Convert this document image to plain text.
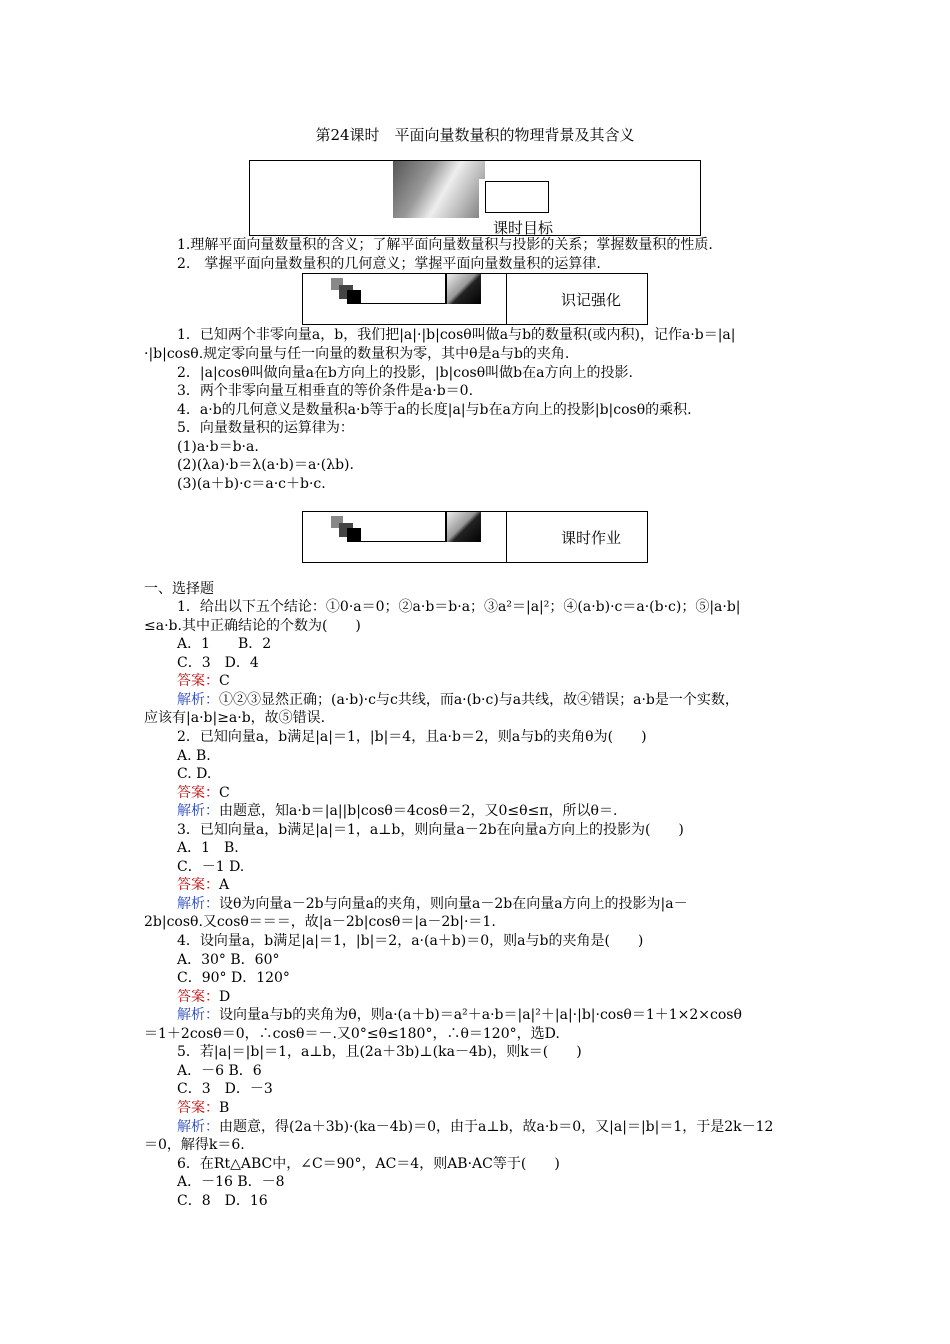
第24课时　平面向量数量积的物理背景及其含义
课时目标
1.理解平面向量数量积的含义；了解平面向量数量积与投影的关系；掌握数量积的性质.
2.　掌握平面向量数量积的几何意义；掌握平面向量数量积的运算律.
识记强化
1．已知两个非零向量a，b，我们把|a|·|b|cosθ叫做a与b的数量积(或内积)，记作a·b＝|a|
·|b|cosθ.规定零向量与任一向量的数量积为零，其中θ是a与b的夹角.
2．|a|cosθ叫做向量a在b方向上的投影，|b|cosθ叫做b在a方向上的投影.
3．两个非零向量互相垂直的等价条件是a·b＝0.
4．a·b的几何意义是数量积a·b等于a的长度|a|与b在a方向上的投影|b|cosθ的乘积.
5．向量数量积的运算律为：
(1)a·b＝b·a.
(2)(λa)·b＝λ(a·b)＝a·(λb).
(3)(a＋b)·c＝a·c＋b·c.
课时作业
一、选择题
1．给出以下五个结论：①0·a＝0；②a·b＝b·a；③a²＝|a|²；④(a·b)·c＝a·(b·c)；⑤|a·b|
≤a·b.其中正确结论的个数为(　　)
A．1　　B．2
C．3　D．4
答案：C
解析：①②③显然正确；(a·b)·c与c共线，而a·(b·c)与a共线，故④错误；a·b是一个实数，
应该有|a·b|≥a·b，故⑤错误.
2．已知向量a，b满足|a|＝1，|b|＝4，且a·b＝2，则a与b的夹角θ为(　　)
A. B.
C. D.
答案：C
解析：由题意，知a·b＝|a||b|cosθ＝4cosθ＝2，又0≤θ≤π，所以θ＝.
3．已知向量a，b满足|a|＝1，a⊥b，则向量a－2b在向量a方向上的投影为(　　)
A．1　B.
C．－1 D.
答案：A
解析：设θ为向量a－2b与向量a的夹角，则向量a－2b在向量a方向上的投影为|a－
2b|cosθ.又cosθ＝＝＝，故|a－2b|cosθ＝|a－2b|·＝1.
4．设向量a，b满足|a|＝1，|b|＝2，a·(a＋b)＝0，则a与b的夹角是(　　)
A．30° B．60°
C．90° D．120°
答案：D
解析：设向量a与b的夹角为θ，则a·(a＋b)＝a²＋a·b＝|a|²＋|a|·|b|·cosθ＝1＋1×2×cosθ
＝1＋2cosθ＝0，∴cosθ＝－.又0°≤θ≤180°，∴θ＝120°，选D.
5．若|a|＝|b|＝1，a⊥b，且(2a＋3b)⊥(ka－4b)，则k＝(　　)
A．－6 B．6
C．3　D．－3
答案：B
解析：由题意，得(2a＋3b)·(ka－4b)＝0，由于a⊥b，故a·b＝0，又|a|＝|b|＝1，于是2k－12
＝0，解得k＝6.
6．在Rt△ABC中，∠C＝90°，AC＝4，则AB·AC等于(　　)
A．－16 B．－8
C．8　D．16
